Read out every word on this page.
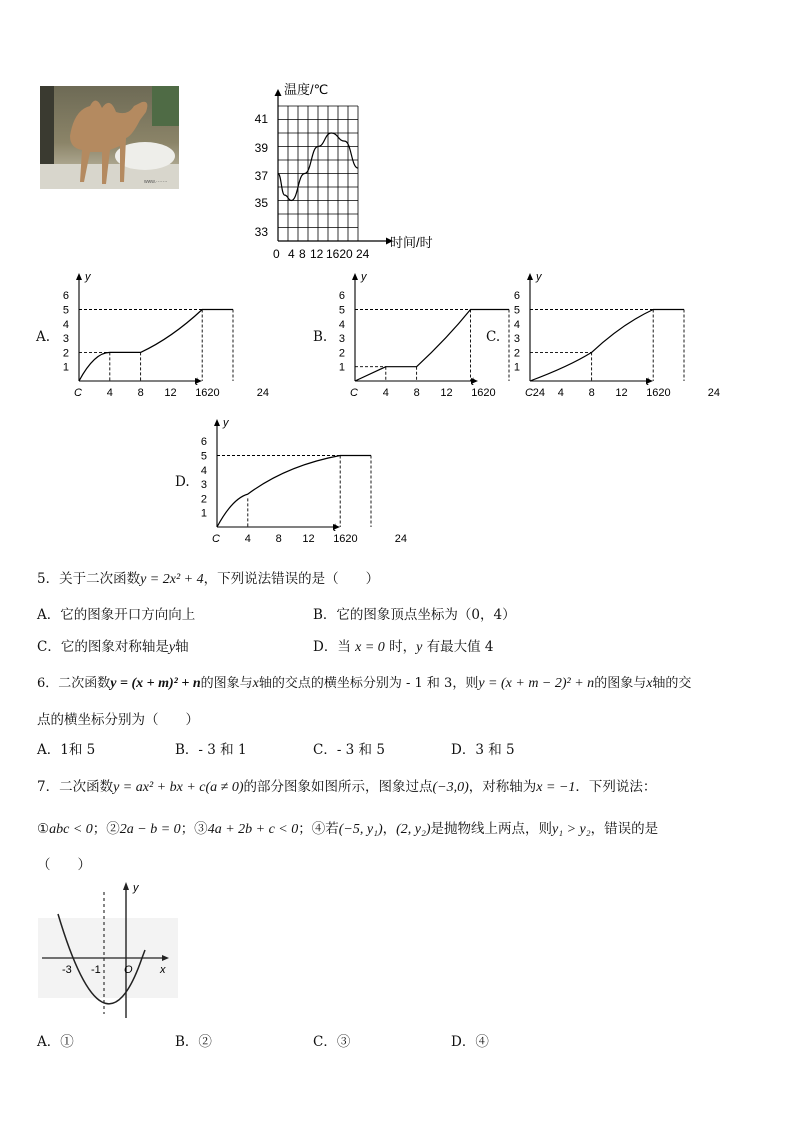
www.·······
温度/℃
时间/时
41
39
37
35
33
0 4 8 12 1620 24
A.
y
t
C
6
5
4
3
2
1
4 8 12 1620	24
B.
y
t
C
6
5
4
3
2
1
4 8 12 1620	24
C.
y
t
C
6
5
4
3
2
1
4 8 12 1620	24
D.
y
t
C
6
5
4
3
2
1
4 8 12 1620	24
5．关于二次函数y = 2x² + 4，下列说法错误的是（　　）
A．它的图象开口方向向上	B．它的图象顶点坐标为（0，4）
C．它的图象对称轴是y轴	D．当 x = 0 时，y 有最大值 4
6．二次函数y = (x + m)² + n的图象与x轴的交点的横坐标分别为 - 1 和 3，则y = (x + m − 2)² + n的图象与x轴的交
点的横坐标分别为（　　）
A．1和 5	B．- 3 和 1	C．- 3 和 5	D．3 和 5
7．二次函数y = ax² + bx + c(a ≠ 0)的部分图象如图所示，图象过点(−3,0)，对称轴为x = −1．下列说法：
①abc < 0；②2a − b = 0；③4a + 2b + c < 0；④若(−5, y₁)，(2, y₂)是抛物线上两点，则y₁ > y₂，错误的是
（　　）
y
x
O
-3 -1
A．①	B．②	C．③	D．④
